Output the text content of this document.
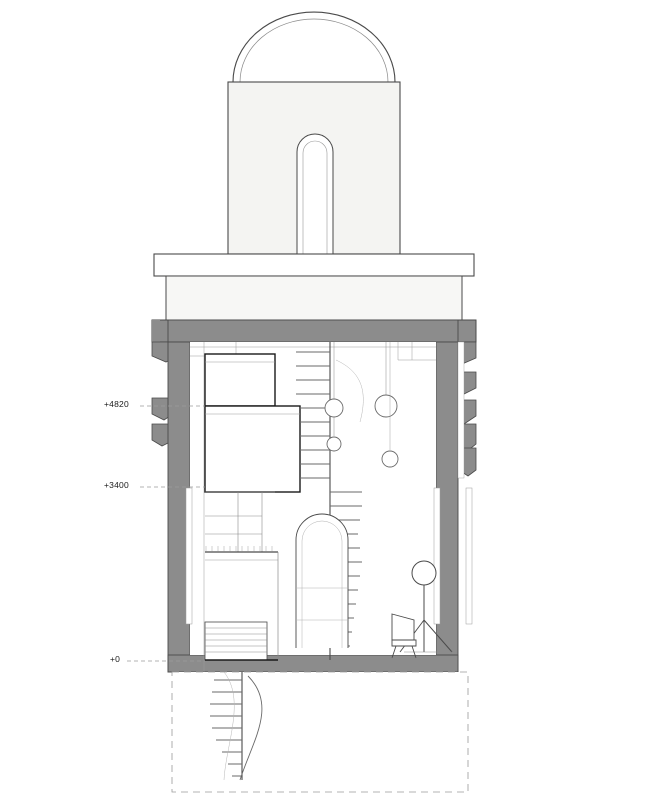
+4820
+3400
+0
